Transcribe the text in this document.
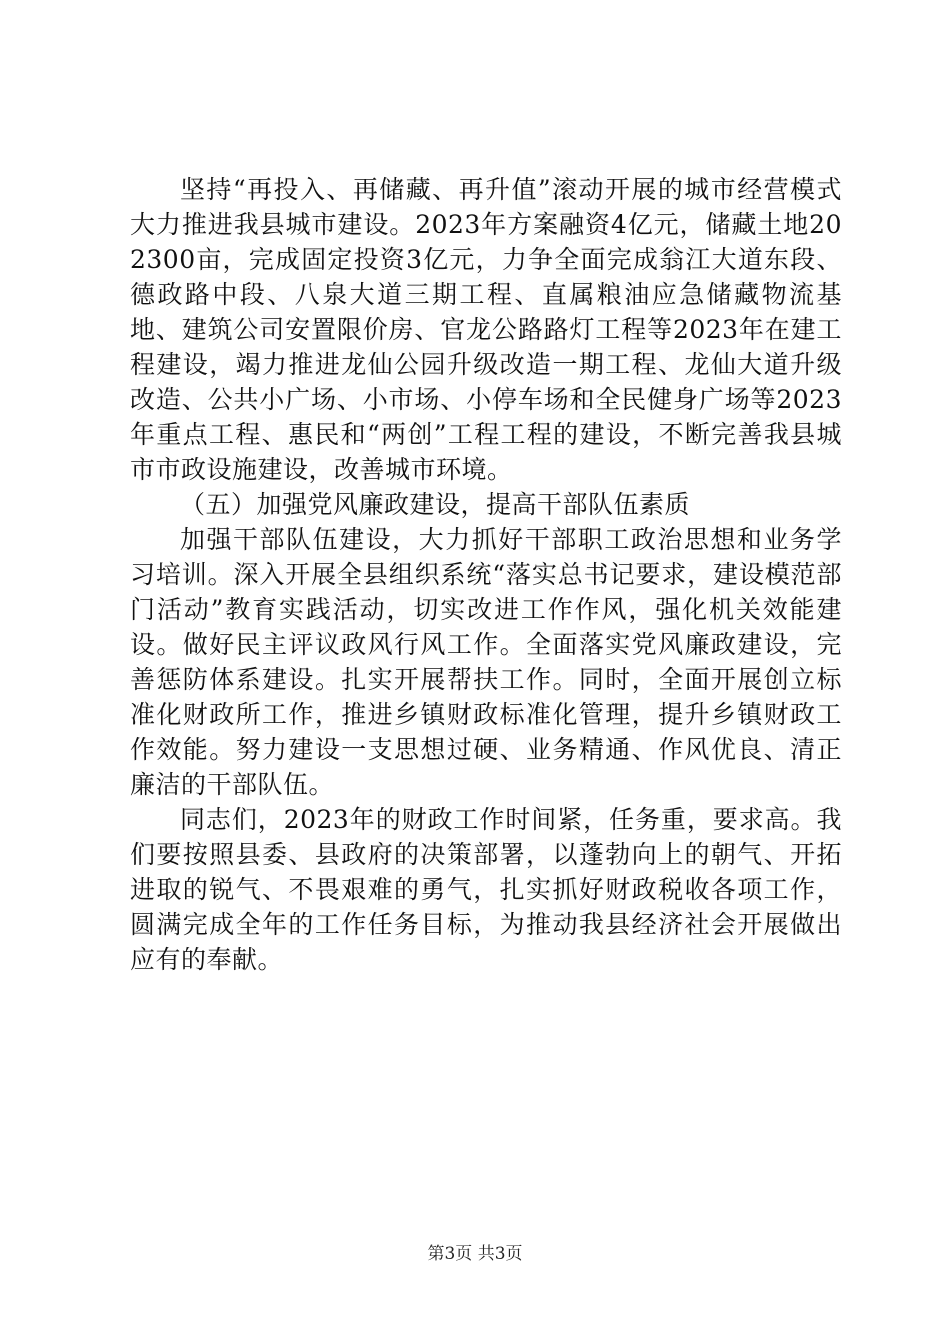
坚持“再投入、再储藏、再升值”滚动开展的城市经营模式大力推进我县城市建设。2023年方案融资4亿元，储藏土地202300亩，完成固定投资3亿元，力争全面完成翁江大道东段、德政路中段、八泉大道三期工程、直属粮油应急储藏物流基地、建筑公司安置限价房、官龙公路路灯工程等2023年在建工程建设，竭力推进龙仙公园升级改造一期工程、龙仙大道升级改造、公共小广场、小市场、小停车场和全民健身广场等2023年重点工程、惠民和“两创”工程工程的建设，不断完善我县城市市政设施建设，改善城市环境。

（五）加强党风廉政建设，提高干部队伍素质

加强干部队伍建设，大力抓好干部职工政治思想和业务学习培训。深入开展全县组织系统“落实总书记要求，建设模范部门活动”教育实践活动，切实改进工作作风，强化机关效能建设。做好民主评议政风行风工作。全面落实党风廉政建设，完善惩防体系建设。扎实开展帮扶工作。同时，全面开展创立标准化财政所工作，推进乡镇财政标准化管理，提升乡镇财政工作效能。努力建设一支思想过硬、业务精通、作风优良、清正廉洁的干部队伍。

同志们，2023年的财政工作时间紧，任务重，要求高。我们要按照县委、县政府的决策部署，以蓬勃向上的朝气、开拓进取的锐气、不畏艰难的勇气，扎实抓好财政税收各项工作，圆满完成全年的工作任务目标，为推动我县经济社会开展做出应有的奉献。

第3页 共3页
